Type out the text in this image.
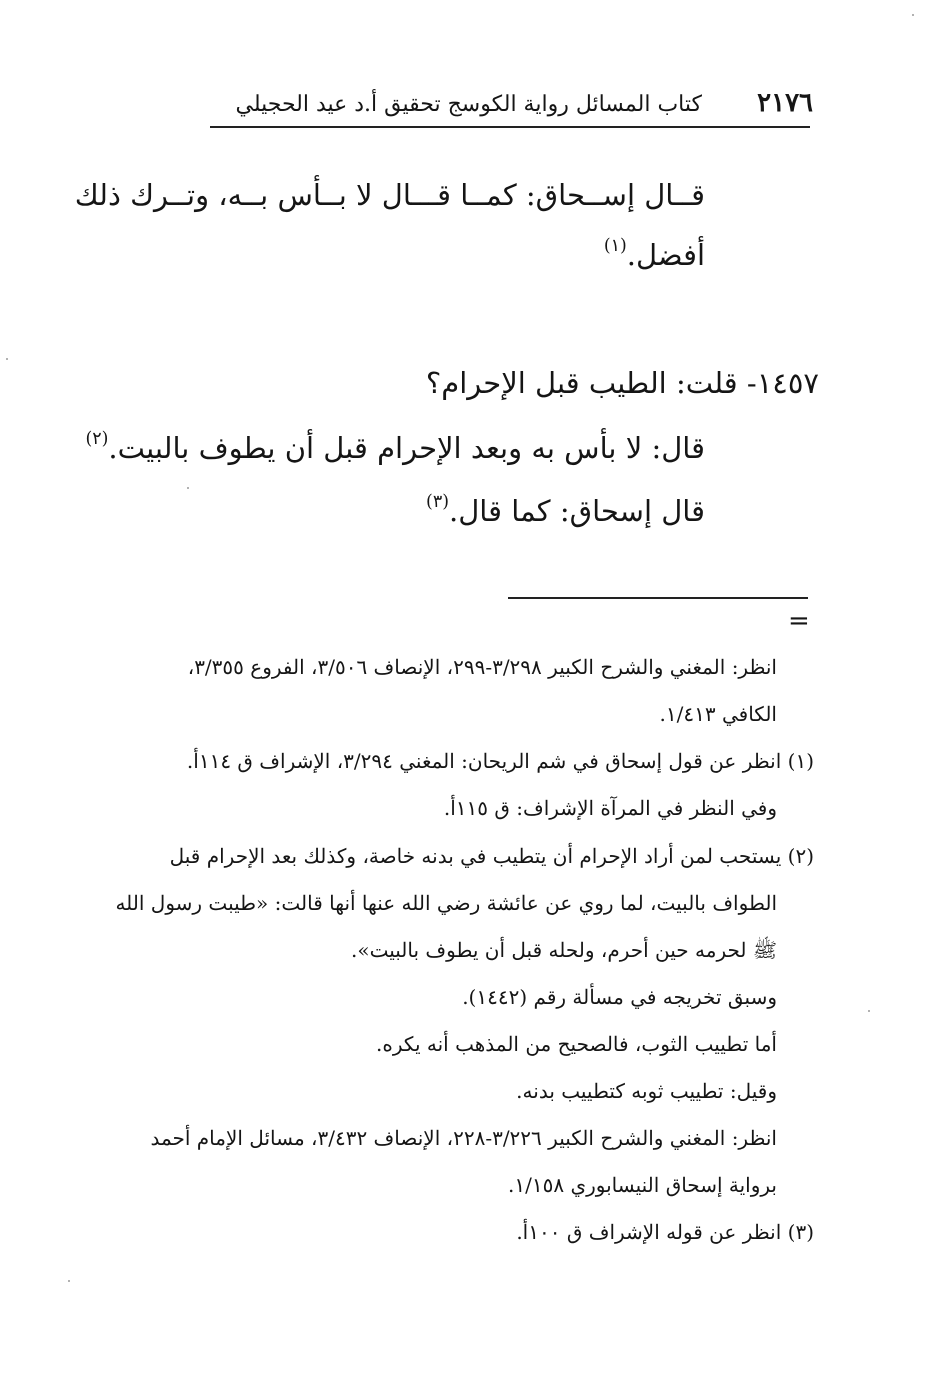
كتاب المسائل رواية الكوسج تحقيق أ.د عيد الحجيلي ٢١٧٦
قــال إســحاق: كمــا قـــال لا بــأس بــه، وتــرك ذلك
أفضل.$^{(١)}$
١٤٥٧- قلت: الطيب قبل الإحرام؟
قال: لا بأس به وبعد الإحرام قبل أن يطوف بالبيت.$^{(٢)}$
قال إسحاق: كما قال.$^{(٣)}$
=
انظر: المغني والشرح الكبير ٣/٢٩٨-٢٩٩، الإنصاف ٣/٥٠٦، الفروع ٣/٣٥٥،
الكافي ١/٤١٣.
(١) انظر عن قول إسحاق في شم الريحان: المغني ٣/٢٩٤، الإشراف ق ١١٤أ.
وفي النظر في المرآة الإشراف: ق ١١٥أ.
(٢) يستحب لمن أراد الإحرام أن يتطيب في بدنه خاصة، وكذلك بعد الإحرام قبل
الطواف بالبيت، لما روي عن عائشة رضي الله عنها أنها قالت: «طيبت رسول الله
ﷺ لحرمه حين أحرم، ولحله قبل أن يطوف بالبيت».
وسبق تخريجه في مسألة رقم (١٤٤٢).
أما تطييب الثوب، فالصحيح من المذهب أنه يكره.
وقيل: تطييب ثوبه كتطييب بدنه.
انظر: المغني والشرح الكبير ٣/٢٢٦-٢٢٨، الإنصاف ٣/٤٣٢، مسائل الإمام أحمد
برواية إسحاق النيسابوري ١/١٥٨.
(٣) انظر عن قوله الإشراف ق ١٠٠أ.
